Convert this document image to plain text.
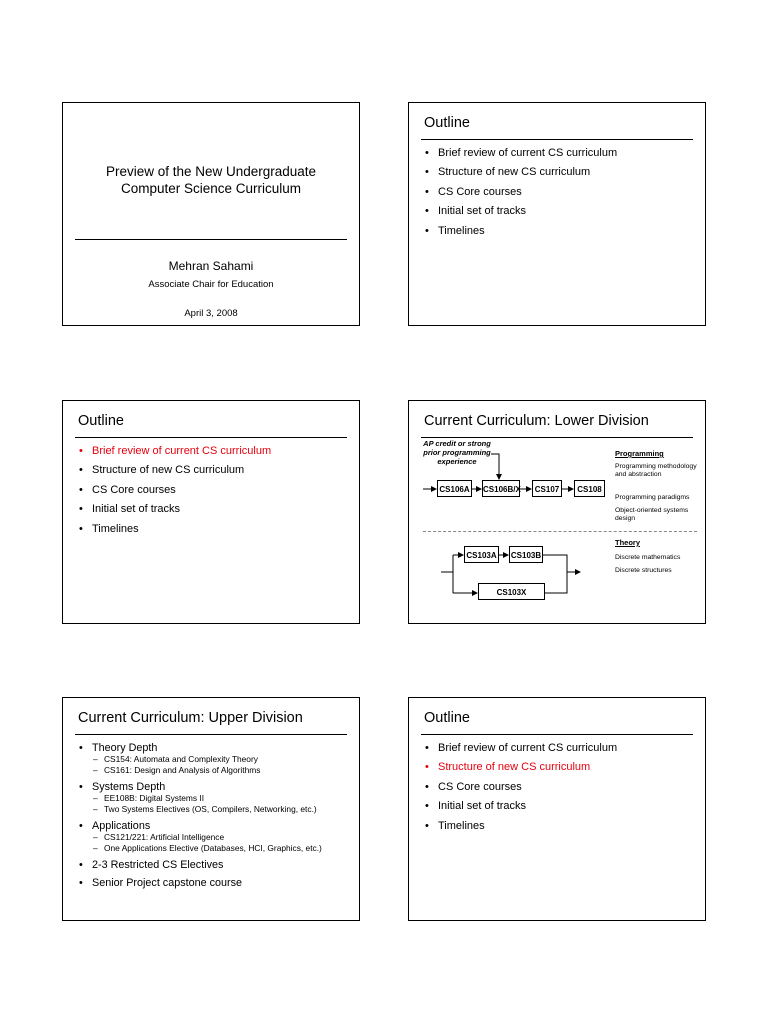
Preview of the New Undergraduate
Computer Science Curriculum
Mehran Sahami
Associate Chair for Education
April 3, 2008
Outline
• Brief review of current CS curriculum
• Structure of new CS curriculum
• CS Core courses
• Initial set of tracks
• Timelines
Outline
• Brief review of current CS curriculum
• Structure of new CS curriculum
• CS Core courses
• Initial set of tracks
• Timelines
Current Curriculum: Lower Division
AP credit or strong
prior programming
experience
CS106A CS106B/X	CS107	CS108
CS103A CS103B
CS103X
Programming
Programming methodology and abstraction
Programming paradigms
Object-oriented systems design
Theory
Discrete mathematics
Discrete structures
Current Curriculum: Upper Division
• Theory Depth
– CS154: Automata and Complexity Theory
– CS161: Design and Analysis of Algorithms
• Systems Depth
– EE108B: Digital Systems II
– Two Systems Electives (OS, Compilers, Networking, etc.)
• Applications
– CS121/221: Artificial Intelligence
– One Applications Elective (Databases, HCI, Graphics, etc.)
• 2-3 Restricted CS Electives
• Senior Project capstone course
Outline
• Brief review of current CS curriculum
• Structure of new CS curriculum
• CS Core courses
• Initial set of tracks
• Timelines
